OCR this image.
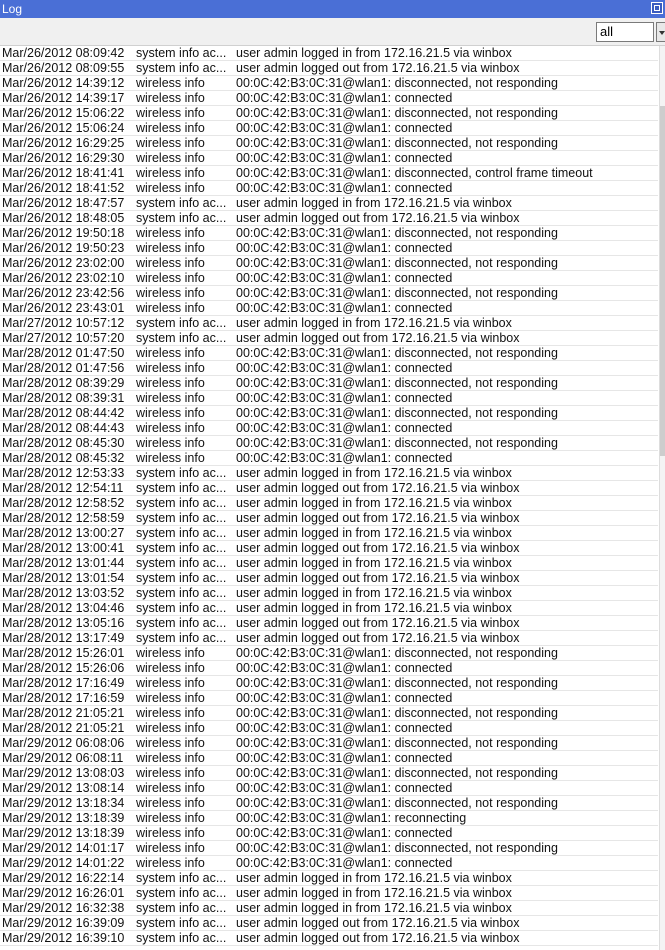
Log
all
Mar/26/2012 08:09:42 system info ac... user admin logged in from 172.16.21.5 via winbox
Mar/26/2012 08:09:55 system info ac... user admin logged out from 172.16.21.5 via winbox
Mar/26/2012 14:39:12 wireless info	00:0C:42:B3:0C:31@wlan1: disconnected, not responding
Mar/26/2012 14:39:17 wireless info	00:0C:42:B3:0C:31@wlan1: connected
Mar/26/2012 15:06:22 wireless info	00:0C:42:B3:0C:31@wlan1: disconnected, not responding
Mar/26/2012 15:06:24 wireless info	00:0C:42:B3:0C:31@wlan1: connected
Mar/26/2012 16:29:25 wireless info	00:0C:42:B3:0C:31@wlan1: disconnected, not responding
Mar/26/2012 16:29:30 wireless info	00:0C:42:B3:0C:31@wlan1: connected
Mar/26/2012 18:41:41 wireless info	00:0C:42:B3:0C:31@wlan1: disconnected, control frame timeout
Mar/26/2012 18:41:52 wireless info	00:0C:42:B3:0C:31@wlan1: connected
Mar/26/2012 18:47:57 system info ac... user admin logged in from 172.16.21.5 via winbox
Mar/26/2012 18:48:05 system info ac... user admin logged out from 172.16.21.5 via winbox
Mar/26/2012 19:50:18 wireless info	00:0C:42:B3:0C:31@wlan1: disconnected, not responding
Mar/26/2012 19:50:23 wireless info	00:0C:42:B3:0C:31@wlan1: connected
Mar/26/2012 23:02:00 wireless info	00:0C:42:B3:0C:31@wlan1: disconnected, not responding
Mar/26/2012 23:02:10 wireless info	00:0C:42:B3:0C:31@wlan1: connected
Mar/26/2012 23:42:56 wireless info	00:0C:42:B3:0C:31@wlan1: disconnected, not responding
Mar/26/2012 23:43:01 wireless info	00:0C:42:B3:0C:31@wlan1: connected
Mar/27/2012 10:57:12 system info ac... user admin logged in from 172.16.21.5 via winbox
Mar/27/2012 10:57:20 system info ac... user admin logged out from 172.16.21.5 via winbox
Mar/28/2012 01:47:50 wireless info	00:0C:42:B3:0C:31@wlan1: disconnected, not responding
Mar/28/2012 01:47:56 wireless info	00:0C:42:B3:0C:31@wlan1: connected
Mar/28/2012 08:39:29 wireless info	00:0C:42:B3:0C:31@wlan1: disconnected, not responding
Mar/28/2012 08:39:31 wireless info	00:0C:42:B3:0C:31@wlan1: connected
Mar/28/2012 08:44:42 wireless info	00:0C:42:B3:0C:31@wlan1: disconnected, not responding
Mar/28/2012 08:44:43 wireless info	00:0C:42:B3:0C:31@wlan1: connected
Mar/28/2012 08:45:30 wireless info	00:0C:42:B3:0C:31@wlan1: disconnected, not responding
Mar/28/2012 08:45:32 wireless info	00:0C:42:B3:0C:31@wlan1: connected
Mar/28/2012 12:53:33 system info ac... user admin logged in from 172.16.21.5 via winbox
Mar/28/2012 12:54:11	system info ac... user admin logged out from 172.16.21.5 via winbox
Mar/28/2012 12:58:52 system info ac... user admin logged in from 172.16.21.5 via winbox
Mar/28/2012 12:58:59 system info ac... user admin logged out from 172.16.21.5 via winbox
Mar/28/2012 13:00:27 system info ac... user admin logged in from 172.16.21.5 via winbox
Mar/28/2012 13:00:41 system info ac... user admin logged out from 172.16.21.5 via winbox
Mar/28/2012 13:01:44 system info ac... user admin logged in from 172.16.21.5 via winbox
Mar/28/2012 13:01:54 system info ac... user admin logged out from 172.16.21.5 via winbox
Mar/28/2012 13:03:52 system info ac... user admin logged in from 172.16.21.5 via winbox
Mar/28/2012 13:04:46 system info ac... user admin logged in from 172.16.21.5 via winbox
Mar/28/2012 13:05:16 system info ac... user admin logged out from 172.16.21.5 via winbox
Mar/28/2012 13:17:49 system info ac... user admin logged out from 172.16.21.5 via winbox
Mar/28/2012 15:26:01 wireless info	00:0C:42:B3:0C:31@wlan1: disconnected, not responding
Mar/28/2012 15:26:06 wireless info	00:0C:42:B3:0C:31@wlan1: connected
Mar/28/2012 17:16:49 wireless info	00:0C:42:B3:0C:31@wlan1: disconnected, not responding
Mar/28/2012 17:16:59 wireless info	00:0C:42:B3:0C:31@wlan1: connected
Mar/28/2012 21:05:21 wireless info	00:0C:42:B3:0C:31@wlan1: disconnected, not responding
Mar/28/2012 21:05:21 wireless info	00:0C:42:B3:0C:31@wlan1: connected
Mar/29/2012 06:08:06 wireless info	00:0C:42:B3:0C:31@wlan1: disconnected, not responding
Mar/29/2012 06:08:11	wireless info	00:0C:42:B3:0C:31@wlan1: connected
Mar/29/2012 13:08:03 wireless info	00:0C:42:B3:0C:31@wlan1: disconnected, not responding
Mar/29/2012 13:08:14 wireless info	00:0C:42:B3:0C:31@wlan1: connected
Mar/29/2012 13:18:34 wireless info	00:0C:42:B3:0C:31@wlan1: disconnected, not responding
Mar/29/2012 13:18:39 wireless info	00:0C:42:B3:0C:31@wlan1: reconnecting
Mar/29/2012 13:18:39 wireless info	00:0C:42:B3:0C:31@wlan1: connected
Mar/29/2012 14:01:17 wireless info	00:0C:42:B3:0C:31@wlan1: disconnected, not responding
Mar/29/2012 14:01:22 wireless info	00:0C:42:B3:0C:31@wlan1: connected
Mar/29/2012 16:22:14 system info ac... user admin logged in from 172.16.21.5 via winbox
Mar/29/2012 16:26:01 system info ac... user admin logged in from 172.16.21.5 via winbox
Mar/29/2012 16:32:38 system info ac... user admin logged in from 172.16.21.5 via winbox
Mar/29/2012 16:39:09 system info ac... user admin logged out from 172.16.21.5 via winbox
Mar/29/2012 16:39:10 system info ac... user admin logged out from 172.16.21.5 via winbox
